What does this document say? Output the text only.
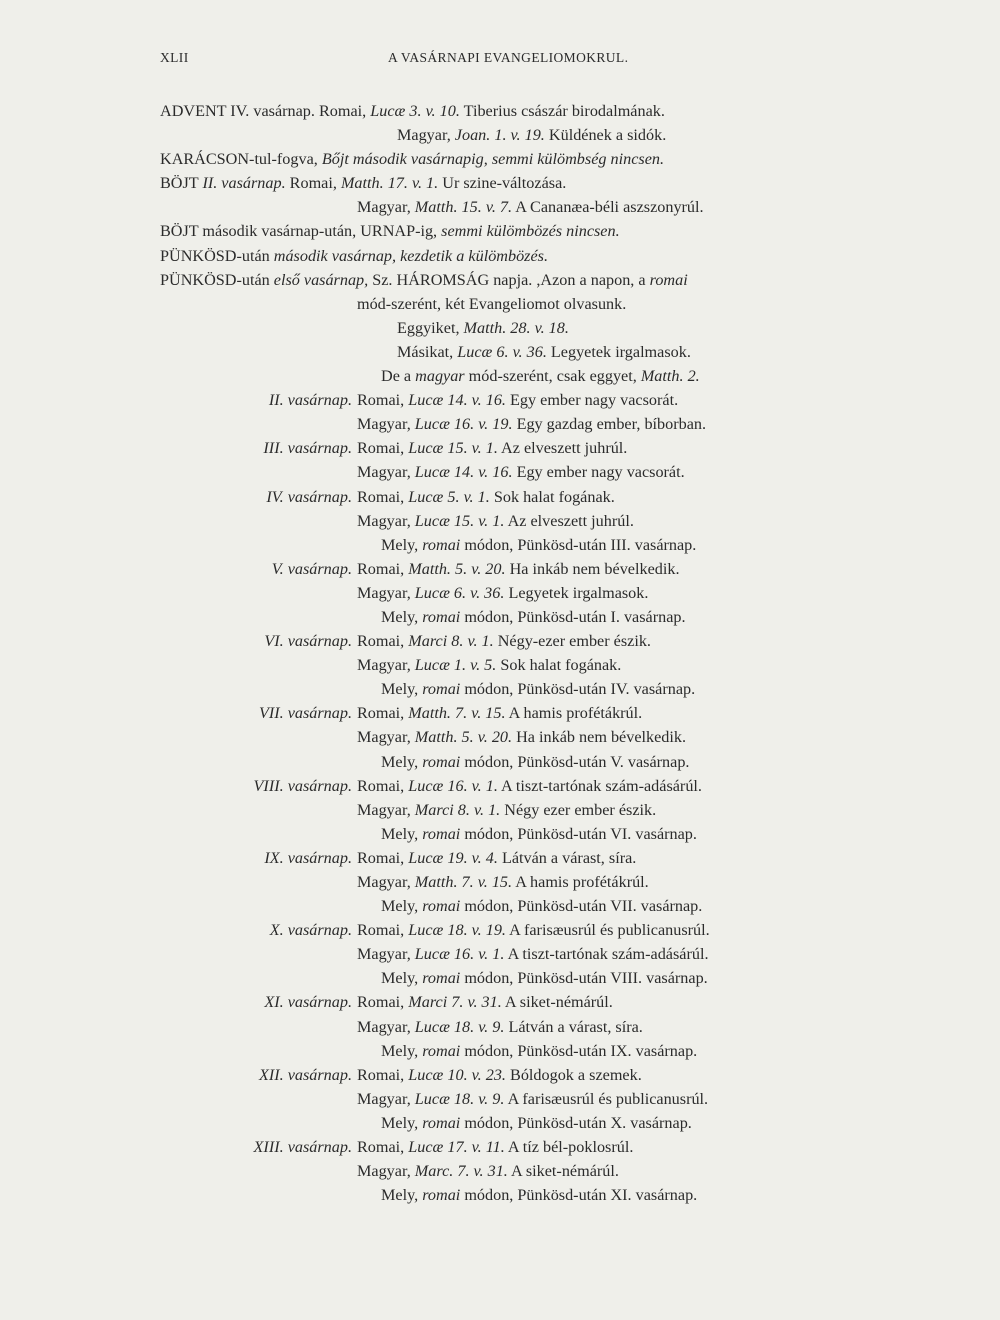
XLII	A VASÁRNAPI EVANGELIOMOKRUL.
ADVENT IV. vasárnap. Romai, Lucæ 3. v. 10. Tiberius császár birodalmának.
Magyar, Joan. 1. v. 19. Küldének a sidók.
KARÁCSON-tul-fogva, Bőjt második vasárnapig, semmi külömbség nincsen.
BÖJT II. vasárnap. Romai, Matth. 17. v. 1. Ur szine-változása.
Magyar, Matth. 15. v. 7. A Cananæa-béli aszszonyrúl.
BÖJT második vasárnap-után, URNAP-ig, semmi külömbözés nincsen.
PÜNKÖSD-után második vasárnap, kezdetik a külömbözés.
PÜNKÖSD-után első vasárnap, Sz. HÁROMSÁG napja. ,Azon a napon, a romai
mód-szerént, két Evangeliomot olvasunk.
Eggyiket, Matth. 28. v. 18.
Másikat, Lucæ 6. v. 36. Legyetek irgalmasok.
De a magyar mód-szerént, csak eggyet, Matth. 2.
II. vasárnap. Romai, Lucæ 14. v. 16. Egy ember nagy vacsorát.
Magyar, Lucæ 16. v. 19. Egy gazdag ember, bíborban.
III. vasárnap. Romai, Lucæ 15. v. 1. Az elveszett juhrúl.
Magyar, Lucæ 14. v. 16. Egy ember nagy vacsorát.
IV. vasárnap. Romai, Lucæ 5. v. 1. Sok halat fogának.
Magyar, Lucæ 15. v. 1. Az elveszett juhrúl.
Mely, romai módon, Pünkösd-után III. vasárnap.
V. vasárnap. Romai, Matth. 5. v. 20. Ha inkáb nem bévelkedik.
Magyar, Lucæ 6. v. 36. Legyetek irgalmasok.
Mely, romai módon, Pünkösd-után I. vasárnap.
VI. vasárnap. Romai, Marci 8. v. 1. Négy-ezer ember észik.
Magyar, Lucæ 1. v. 5. Sok halat fogának.
Mely, romai módon, Pünkösd-után IV. vasárnap.
VII. vasárnap. Romai, Matth. 7. v. 15. A hamis profétákrúl.
Magyar, Matth. 5. v. 20. Ha inkáb nem bévelkedik.
Mely, romai módon, Pünkösd-után V. vasárnap.
VIII. vasárnap. Romai, Lucæ 16. v. 1. A tiszt-tartónak szám-adásárúl.
Magyar, Marci 8. v. 1. Négy ezer ember észik.
Mely, romai módon, Pünkösd-után VI. vasárnap.
IX. vasárnap. Romai, Lucæ 19. v. 4. Látván a várast, síra.
Magyar, Matth. 7. v. 15. A hamis profétákrúl.
Mely, romai módon, Pünkösd-után VII. vasárnap.
X. vasárnap. Romai, Lucæ 18. v. 19. A farisæusrúl és publicanusrúl.
Magyar, Lucæ 16. v. 1. A tiszt-tartónak szám-adásárúl.
Mely, romai módon, Pünkösd-után VIII. vasárnap.
XI. vasárnap. Romai, Marci 7. v. 31. A siket-némárúl.
Magyar, Lucæ 18. v. 9. Látván a várast, síra.
Mely, romai módon, Pünkösd-után IX. vasárnap.
XII. vasárnap. Romai, Lucæ 10. v. 23. Bóldogok a szemek.
Magyar, Lucæ 18. v. 9. A farisæusrúl és publicanusrúl.
Mely, romai módon, Pünkösd-után X. vasárnap.
XIII. vasárnap. Romai, Lucæ 17. v. 11. A tíz bél-poklosrúl.
Magyar, Marc. 7. v. 31. A siket-némárúl.
Mely, romai módon, Pünkösd-után XI. vasárnap.
